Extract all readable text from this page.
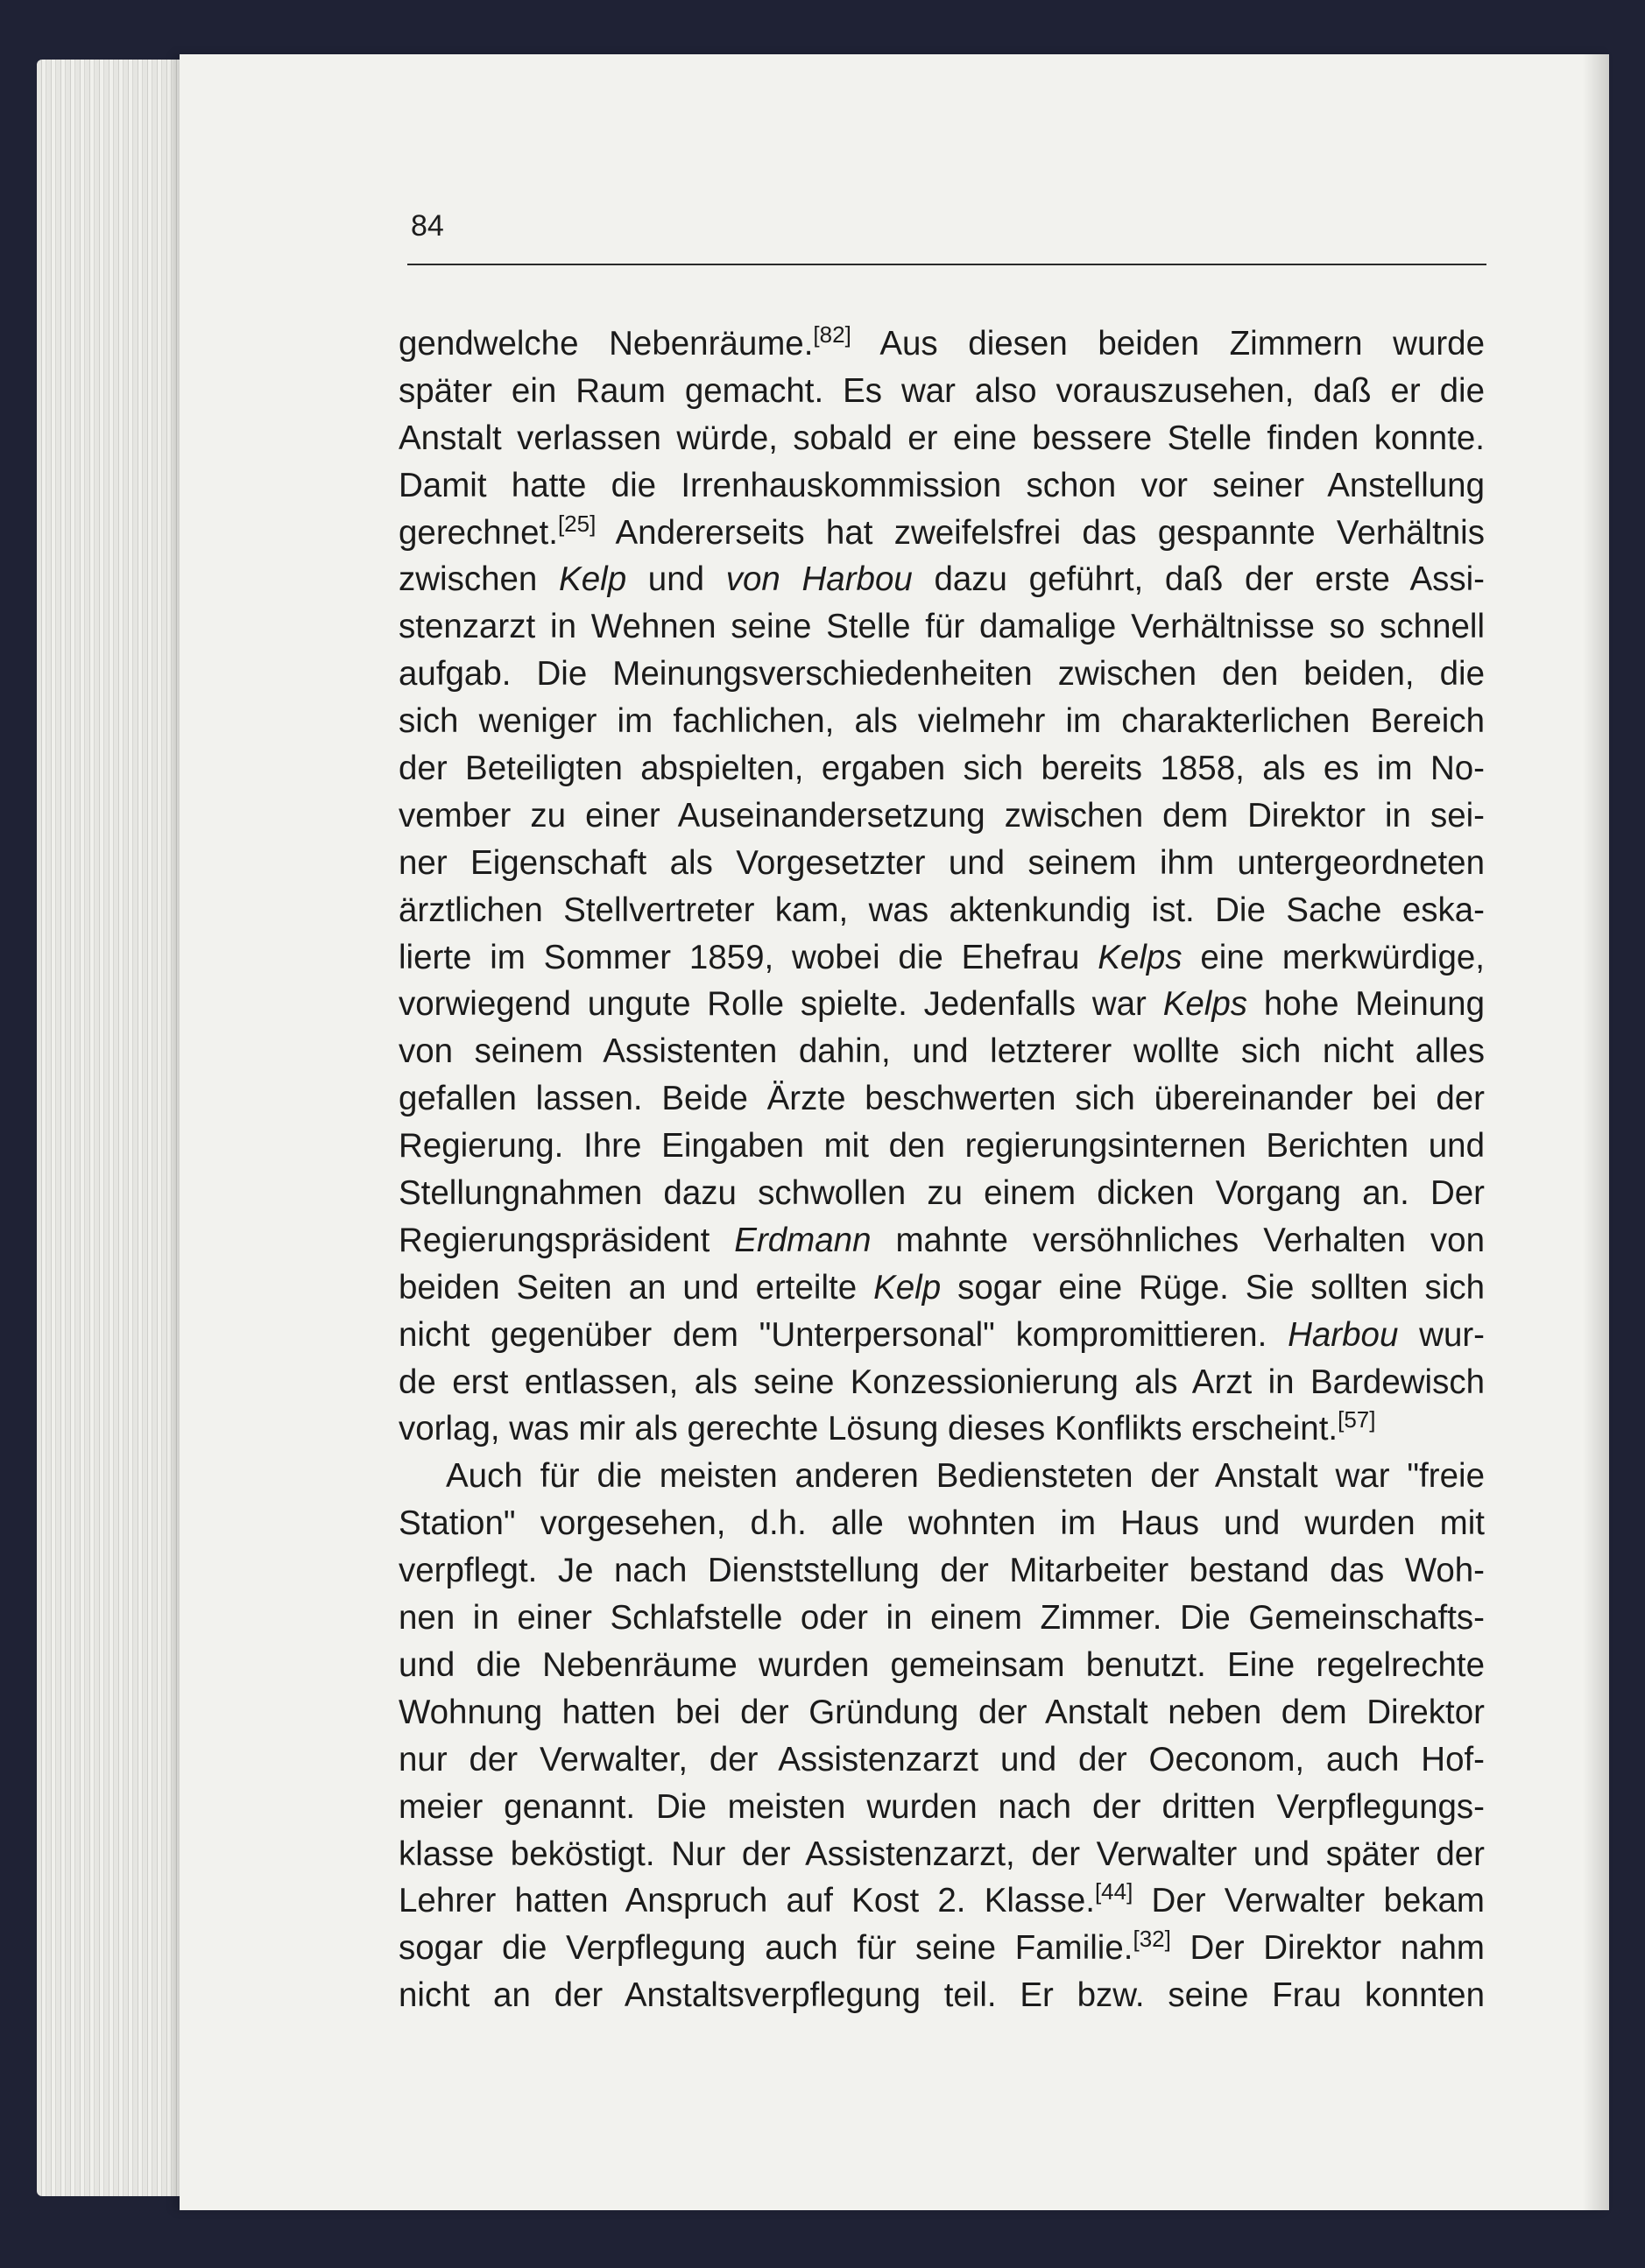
84
gendwelche Nebenräume.[82] Aus diesen beiden Zimmern wurde
später ein Raum gemacht. Es war also vorauszusehen, daß er die
Anstalt verlassen würde, sobald er eine bessere Stelle finden konnte.
Damit hatte die Irrenhauskommission schon vor seiner Anstellung
gerechnet.[25] Andererseits hat zweifelsfrei das gespannte Verhältnis
zwischen Kelp und von Harbou dazu geführt, daß der erste Assi-
stenzarzt in Wehnen seine Stelle für damalige Verhältnisse so schnell
aufgab. Die Meinungsverschiedenheiten zwischen den beiden, die
sich weniger im fachlichen, als vielmehr im charakterlichen Bereich
der Beteiligten abspielten, ergaben sich bereits 1858, als es im No-
vember zu einer Auseinandersetzung zwischen dem Direktor in sei-
ner Eigenschaft als Vorgesetzter und seinem ihm untergeordneten
ärztlichen Stellvertreter kam, was aktenkundig ist. Die Sache eska-
lierte im Sommer 1859, wobei die Ehefrau Kelps eine merkwürdige,
vorwiegend ungute Rolle spielte. Jedenfalls war Kelps hohe Meinung
von seinem Assistenten dahin, und letzterer wollte sich nicht alles
gefallen lassen. Beide Ärzte beschwerten sich übereinander bei der
Regierung. Ihre Eingaben mit den regierungsinternen Berichten und
Stellungnahmen dazu schwollen zu einem dicken Vorgang an. Der
Regierungspräsident Erdmann mahnte versöhnliches Verhalten von
beiden Seiten an und erteilte Kelp sogar eine Rüge. Sie sollten sich
nicht gegenüber dem "Unterpersonal" kompromittieren. Harbou wur-
de erst entlassen, als seine Konzessionierung als Arzt in Bardewisch
vorlag, was mir als gerechte Lösung dieses Konflikts erscheint.[57]
Auch für die meisten anderen Bediensteten der Anstalt war "freie
Station" vorgesehen, d.h. alle wohnten im Haus und wurden mit
verpflegt. Je nach Dienststellung der Mitarbeiter bestand das Woh-
nen in einer Schlafstelle oder in einem Zimmer. Die Gemeinschafts-
und die Nebenräume wurden gemeinsam benutzt. Eine regelrechte
Wohnung hatten bei der Gründung der Anstalt neben dem Direktor
nur der Verwalter, der Assistenzarzt und der Oeconom, auch Hof-
meier genannt. Die meisten wurden nach der dritten Verpflegungs-
klasse beköstigt. Nur der Assistenzarzt, der Verwalter und später der
Lehrer hatten Anspruch auf Kost 2. Klasse.[44] Der Verwalter bekam
sogar die Verpflegung auch für seine Familie.[32] Der Direktor nahm
nicht an der Anstaltsverpflegung teil. Er bzw. seine Frau konnten
